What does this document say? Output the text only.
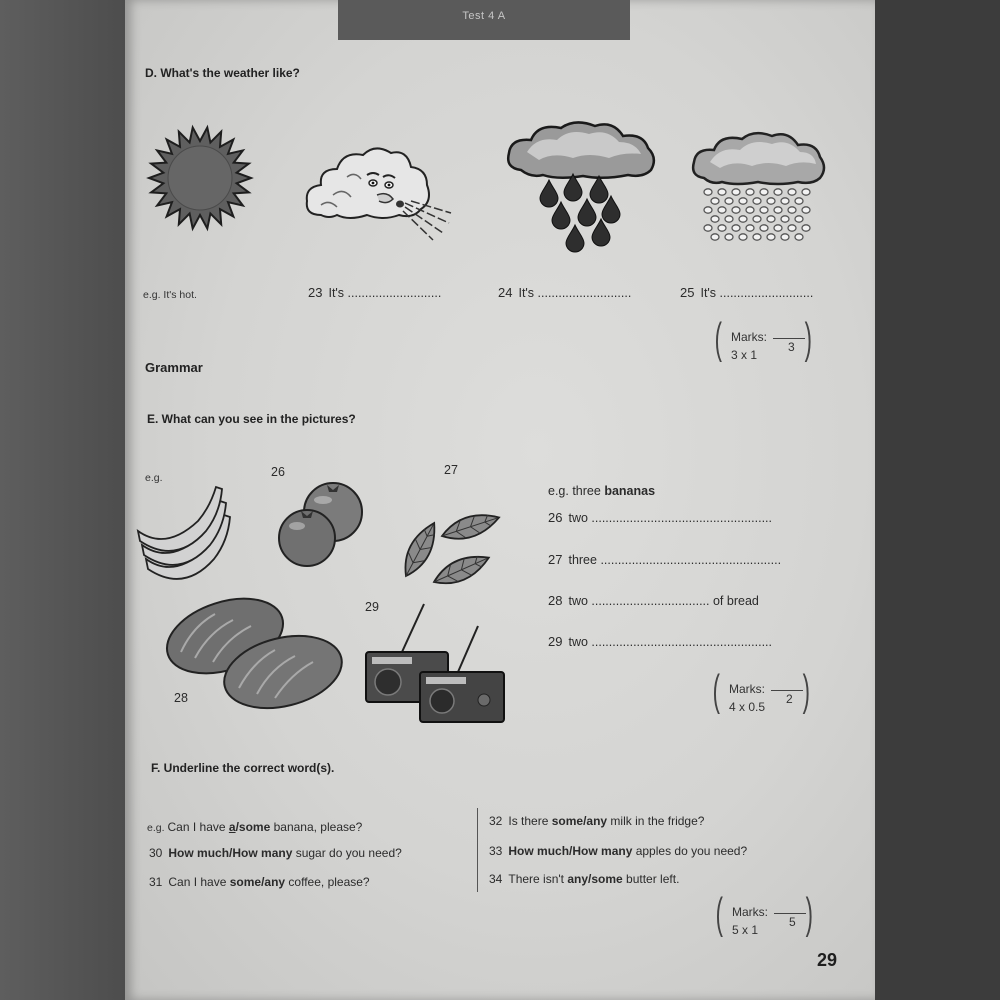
Test 4 A
D. What's the weather like?
e.g. It's hot.	23 It's ...........................	24 It's ...........................	25 It's ...........................
( Marks:
3
3 x 1 )
Grammar
E. What can you see in the pictures?
e.g.	26	27
28
29
e.g. three bananas
26 two ....................................................
27 three ....................................................
28 two .................................. of bread
29 two ....................................................
( Marks:
2
4 x 0.5 )
F. Underline the correct word(s).
e.g. Can I have a/some banana, please?
30 How much/How many sugar do you need?
31 Can I have some/any coffee, please?
32 Is there some/any milk in the fridge?
33 How much/How many apples do you need?
34 There isn't any/some butter left.
( Marks:
5
5 x 1 )
29
